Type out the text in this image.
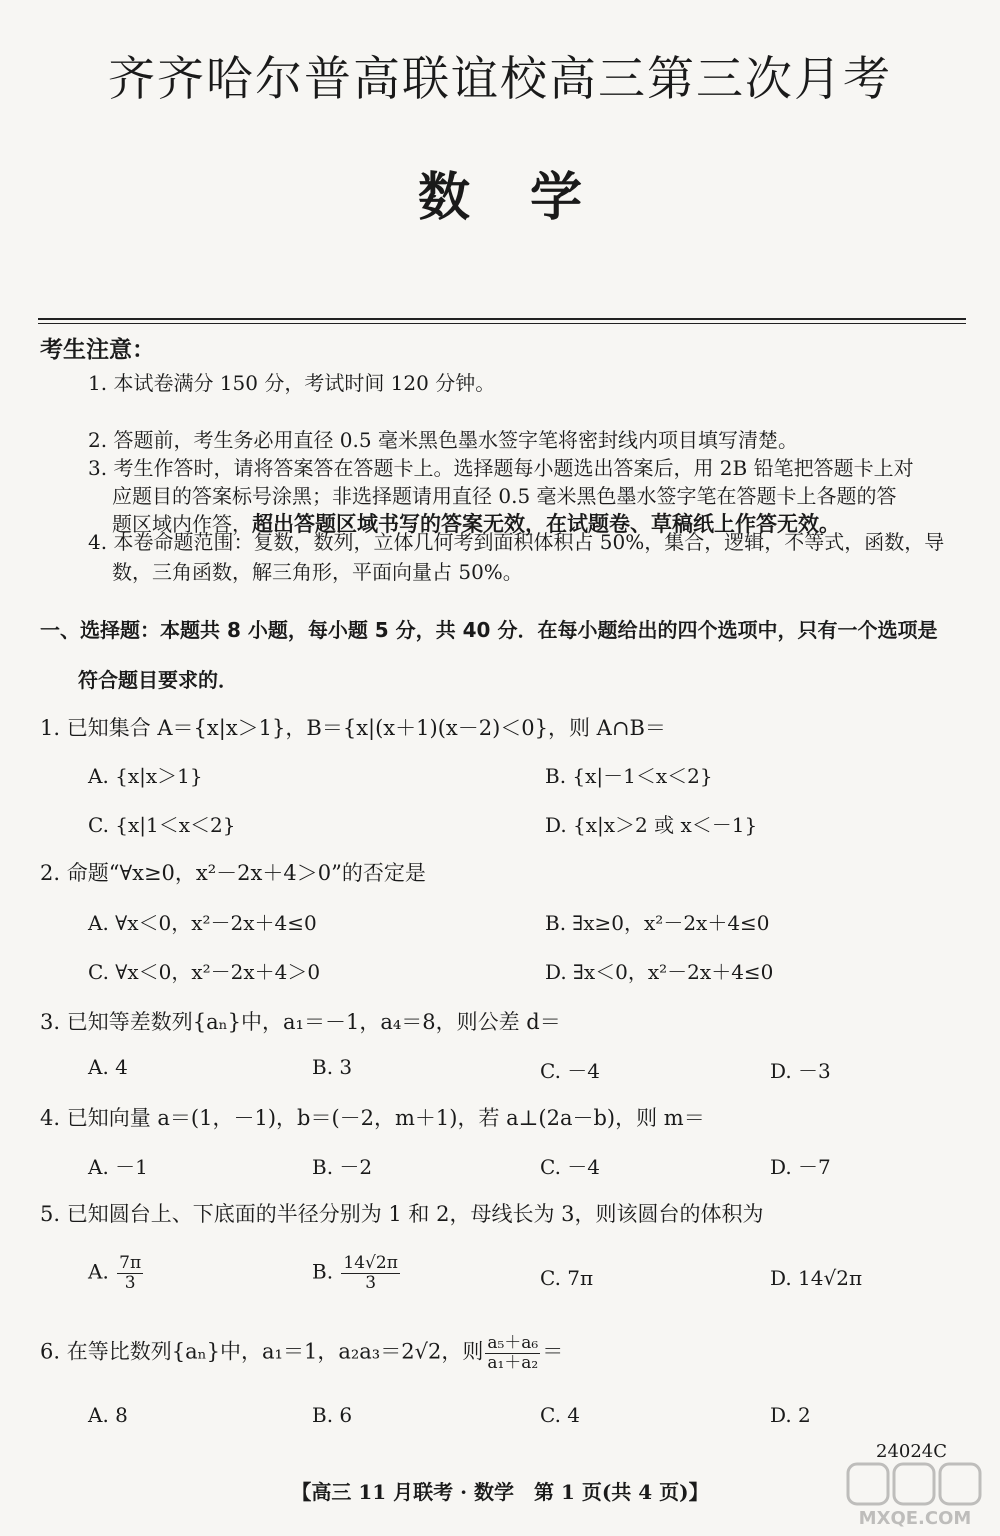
齐齐哈尔普高联谊校高三第三次月考
数学
考生注意：
1. 本试卷满分 150 分，考试时间 120 分钟。
2. 答题前，考生务必用直径 0.5 毫米黑色墨水签字笔将密封线内项目填写清楚。
3. 考生作答时，请将答案答在答题卡上。选择题每小题选出答案后，用 2B 铅笔把答题卡上对
应题目的答案标号涂黑；非选择题请用直径 0.5 毫米黑色墨水签字笔在答题卡上各题的答
题区域内作答，超出答题区域书写的答案无效，在试题卷、草稿纸上作答无效。
4. 本卷命题范围：复数，数列，立体几何考到面积体积占 50%，集合，逻辑，不等式，函数，导
数，三角函数，解三角形，平面向量占 50%。
一、选择题：本题共 8 小题，每小题 5 分，共 40 分．在每小题给出的四个选项中，只有一个选项是
符合题目要求的．
1. 已知集合 A＝{x|x＞1}，B＝{x|(x＋1)(x－2)＜0}，则 A∩B＝
A. {x|x＞1}	B. {x|－1＜x＜2}
C. {x|1＜x＜2}	D. {x|x＞2 或 x＜－1}
2. 命题“∀x≥0，x²－2x＋4＞0”的否定是
A. ∀x＜0，x²－2x＋4≤0	B. ∃x≥0，x²－2x＋4≤0
C. ∀x＜0，x²－2x＋4＞0	D. ∃x＜0，x²－2x＋4≤0
3. 已知等差数列{aₙ}中，a₁＝－1，a₄＝8，则公差 d＝
A. 4	B. 3	C. －4	D. －3
4. 已知向量 a＝(1，－1)，b＝(－2，m＋1)，若 a⊥(2a－b)，则 m＝
A. －1	B. －2	C. －4	D. －7
5. 已知圆台上、下底面的半径分别为 1 和 2，母线长为 3，则该圆台的体积为
A. $\frac{7\pi}{3}$	B. $\frac{14√2\pi}{3}$	C. 7π	D. 14√2π
6. 在等比数列{aₙ}中，a₁＝1，a₂a₃＝2√2，则 $\frac{\text{a₅＋a₆}}{\text{a₁＋a₂}}$ ＝
A. 8	B. 6	C. 4	D. 2
24024C
【高三 11 月联考 · 数学　第 1 页(共 4 页)】
MXQE.COM
